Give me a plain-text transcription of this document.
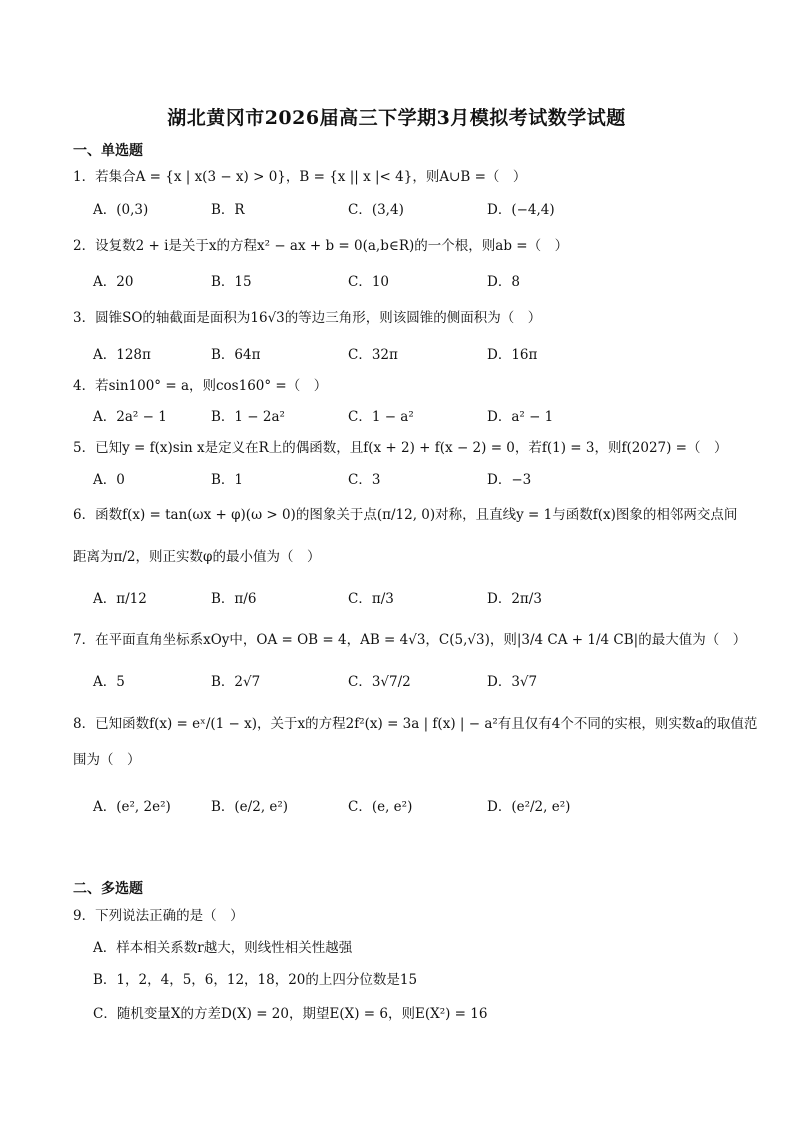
湖北黄冈市2026届高三下学期3月模拟考试数学试题
一、单选题
1．若集合A = {x | x(3 − x) > 0}，B = {x || x |< 4}，则A∪B =（　）
A．(0,3)	B．R	C．(3,4)	D．(−4,4)
2．设复数2 + i是关于x的方程x² − ax + b = 0(a,b∈R)的一个根，则ab =（　）
A．20	B．15	C．10	D．8
3．圆锥SO的轴截面是面积为16√3的等边三角形，则该圆锥的侧面积为（　）
A．128π	B．64π	C．32π	D．16π
4．若sin100° = a，则cos160° =（　）
A．2a² − 1	B．1 − 2a²	C．1 − a²	D．a² − 1
5．已知y = f(x)sin x是定义在R上的偶函数，且f(x + 2) + f(x − 2) = 0，若f(1) = 3，则f(2027) =（　）
A．0	B．1	C．3	D．−3
6．函数f(x) = tan(ωx + φ)(ω > 0)的图象关于点(π/12, 0)对称，且直线y = 1与函数f(x)图象的相邻两交点间
距离为π/2，则正实数φ的最小值为（　）
A．π/12	B．π/6	C．π/3	D．2π/3
7．在平面直角坐标系xOy中，OA = OB = 4，AB = 4√3，C(5,√3)，则|3/4 CA + 1/4 CB|的最大值为（　）
A．5	B．2√7	C．3√7/2	D．3√7
8．已知函数f(x) = eˣ/(1 − x)，关于x的方程2f²(x) = 3a | f(x) | − a²有且仅有4个不同的实根，则实数a的取值范
围为（　）
A．(e², 2e²)	B．(e/2, e²)	C．(e, e²)	D．(e²/2, e²)
二、多选题
9．下列说法正确的是（　）
A．样本相关系数r越大，则线性相关性越强
B．1，2，4，5，6，12，18，20的上四分位数是15
C．随机变量X的方差D(X) = 20，期望E(X) = 6，则E(X²) = 16
